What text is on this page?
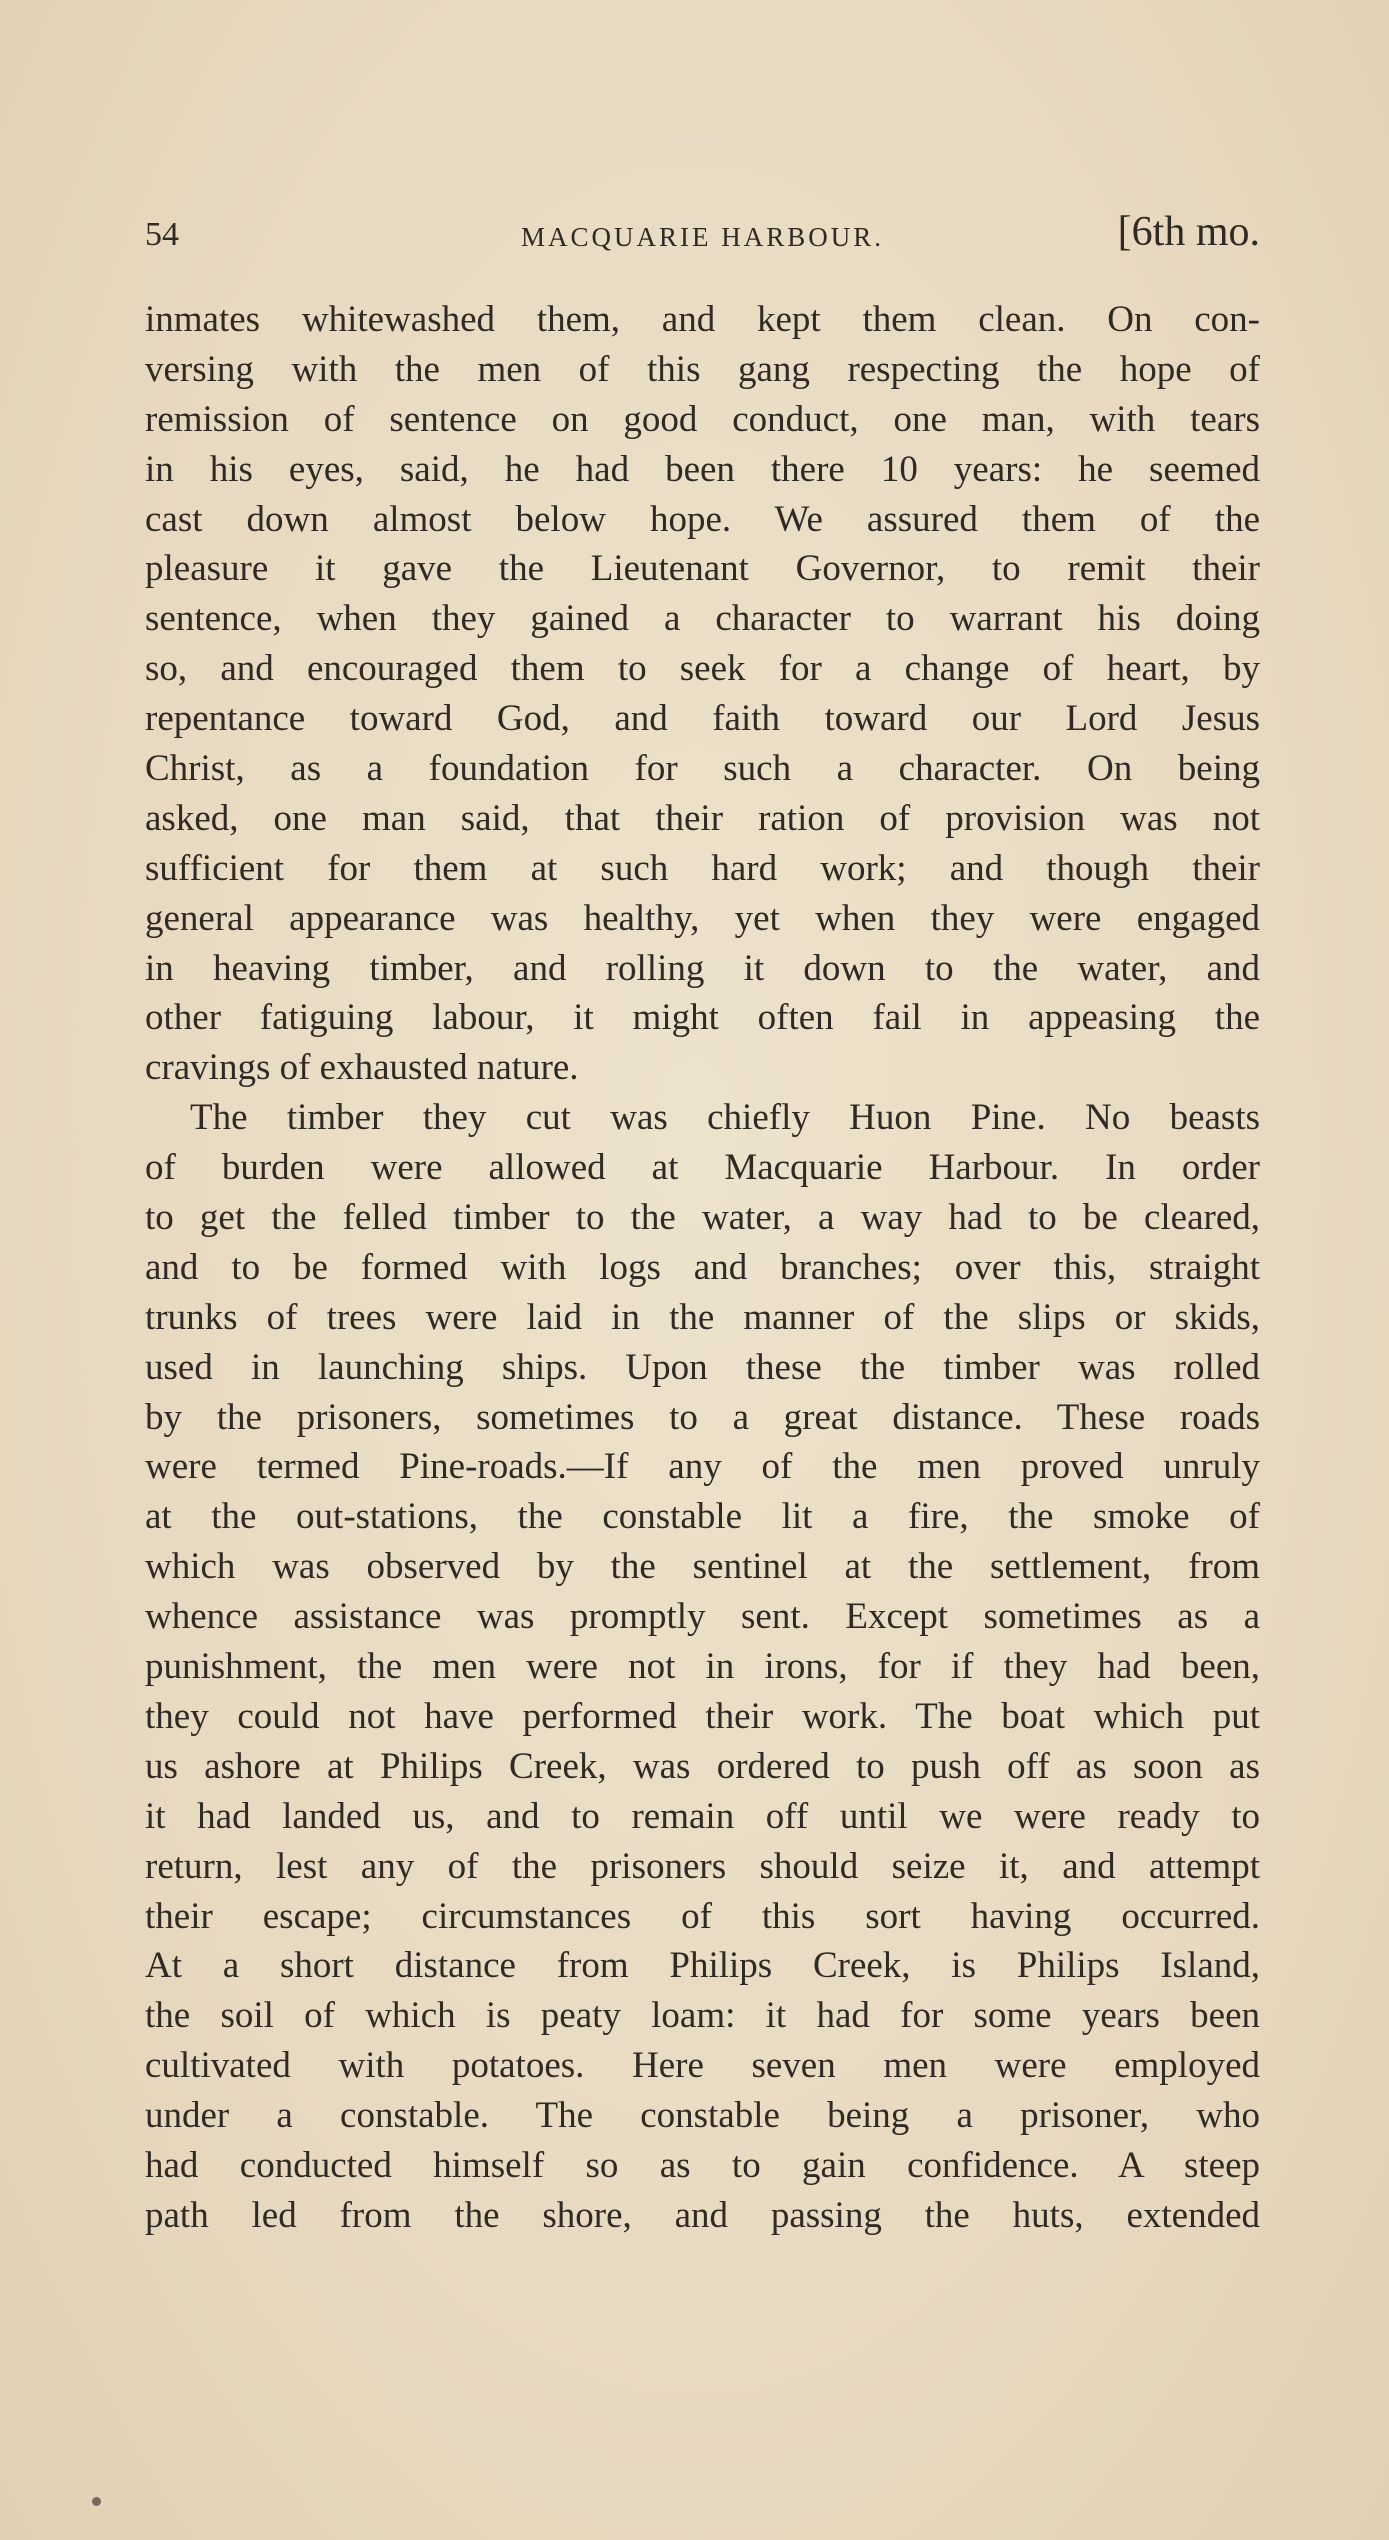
54	MACQUARIE HARBOUR.	[6th mo.
inmates whitewashed them, and kept them clean. On con-
versing with the men of this gang respecting the hope of
remission of sentence on good conduct, one man, with tears
in his eyes, said, he had been there 10 years: he seemed
cast down almost below hope. We assured them of the
pleasure it gave the Lieutenant Governor, to remit their
sentence, when they gained a character to warrant his doing
so, and encouraged them to seek for a change of heart, by
repentance toward God, and faith toward our Lord Jesus
Christ, as a foundation for such a character. On being
asked, one man said, that their ration of provision was not
sufficient for them at such hard work; and though their
general appearance was healthy, yet when they were engaged
in heaving timber, and rolling it down to the water, and
other fatiguing labour, it might often fail in appeasing the
cravings of exhausted nature.
The timber they cut was chiefly Huon Pine. No beasts
of burden were allowed at Macquarie Harbour. In order
to get the felled timber to the water, a way had to be cleared,
and to be formed with logs and branches; over this, straight
trunks of trees were laid in the manner of the slips or skids,
used in launching ships. Upon these the timber was rolled
by the prisoners, sometimes to a great distance. These roads
were termed Pine-roads.—If any of the men proved unruly
at the out-stations, the constable lit a fire, the smoke of
which was observed by the sentinel at the settlement, from
whence assistance was promptly sent. Except sometimes as a
punishment, the men were not in irons, for if they had been,
they could not have performed their work. The boat which put
us ashore at Philips Creek, was ordered to push off as soon as
it had landed us, and to remain off until we were ready to
return, lest any of the prisoners should seize it, and attempt
their escape; circumstances of this sort having occurred.
At a short distance from Philips Creek, is Philips Island,
the soil of which is peaty loam: it had for some years been
cultivated with potatoes. Here seven men were employed
under a constable. The constable being a prisoner, who
had conducted himself so as to gain confidence. A steep
path led from the shore, and passing the huts, extended
